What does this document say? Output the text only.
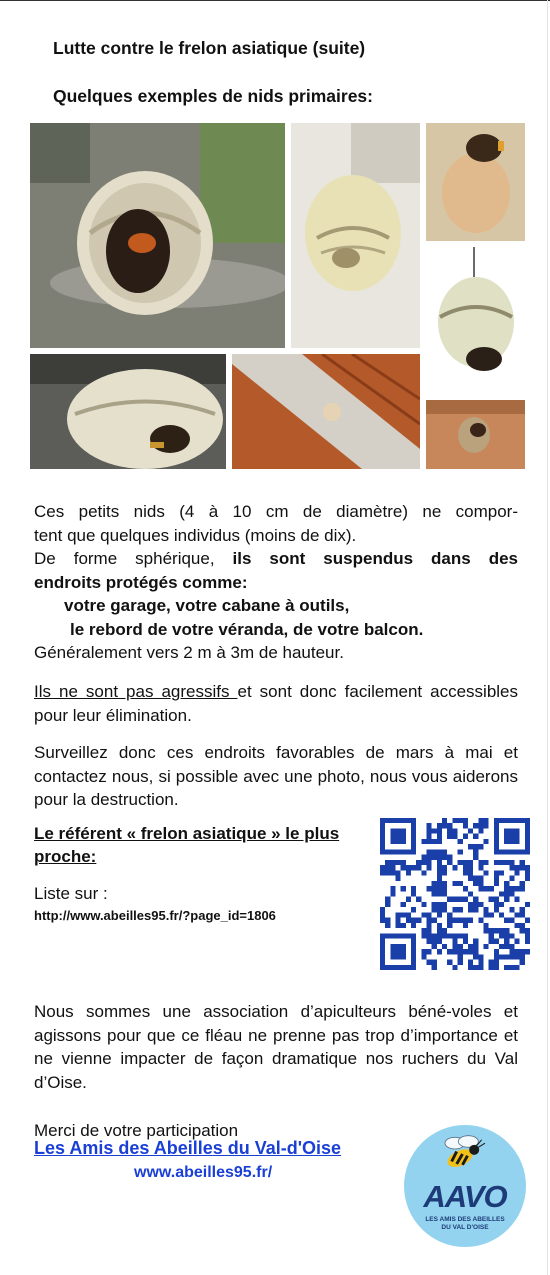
Lutte contre le frelon asiatique (suite)
Quelques exemples de nids primaires:
Ces petits nids (4 à 10 cm de diamètre) ne compor-
tent que quelques individus (moins de dix).
De forme sphérique, ils sont suspendus dans des
endroits protégés comme:
votre garage, votre cabane à outils,
le rebord de votre véranda, de votre balcon.
Généralement vers 2 m à 3m de hauteur.
Ils ne sont pas agressifs et sont donc facilement accessibles pour leur élimination.
Surveillez donc ces endroits favorables de mars à mai et contactez nous, si possible avec une photo, nous vous aiderons pour la destruction.
Le référent « frelon asiatique » le plus proche:
Liste sur :
http://www.abeilles95.fr/?page_id=1806
Nous sommes une association d’apiculteurs béné-voles et agissons pour que ce fléau ne prenne pas trop d’importance et ne vienne impacter de façon dramatique nos ruchers du Val d’Oise.
Merci de votre participation
Les Amis des Abeilles du Val-d'Oise
www.abeilles95.fr/
AAVO
LES AMIS DES ABEILLES
DU VAL D'OISE
